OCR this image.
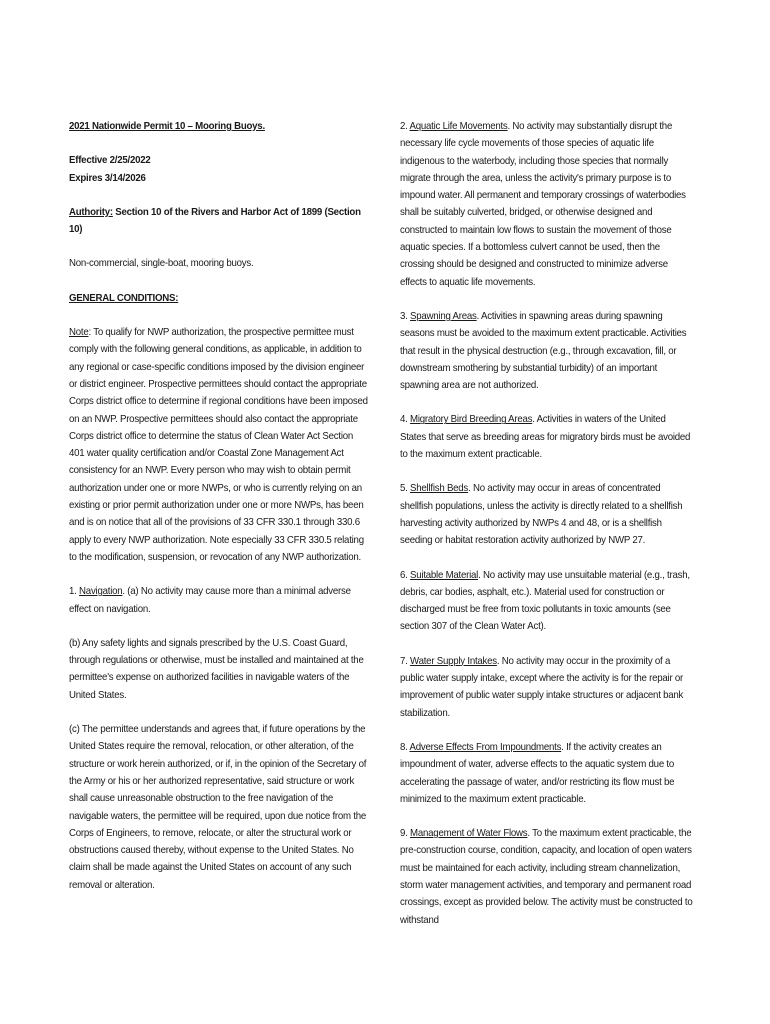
2021 Nationwide Permit 10 – Mooring Buoys.

Effective 2/25/2022
Expires 3/14/2026

Authority: Section 10 of the Rivers and Harbor Act of 1899 (Section 10)

Non-commercial, single-boat, mooring buoys.

GENERAL CONDITIONS:

Note: To qualify for NWP authorization, the prospective permittee must comply with the following general conditions, as applicable, in addition to any regional or case-specific conditions imposed by the division engineer or district engineer. Prospective permittees should contact the appropriate Corps district office to determine if regional conditions have been imposed on an NWP. Prospective permittees should also contact the appropriate Corps district office to determine the status of Clean Water Act Section 401 water quality certification and/or Coastal Zone Management Act consistency for an NWP. Every person who may wish to obtain permit authorization under one or more NWPs, or who is currently relying on an existing or prior permit authorization under one or more NWPs, has been and is on notice that all of the provisions of 33 CFR 330.1 through 330.6 apply to every NWP authorization. Note especially 33 CFR 330.5 relating to the modification, suspension, or revocation of any NWP authorization.

1. Navigation. (a) No activity may cause more than a minimal adverse effect on navigation.

(b) Any safety lights and signals prescribed by the U.S. Coast Guard, through regulations or otherwise, must be installed and maintained at the permittee's expense on authorized facilities in navigable waters of the United States.

(c) The permittee understands and agrees that, if future operations by the United States require the removal, relocation, or other alteration, of the structure or work herein authorized, or if, in the opinion of the Secretary of the Army or his or her authorized representative, said structure or work shall cause unreasonable obstruction to the free navigation of the navigable waters, the permittee will be required, upon due notice from the Corps of Engineers, to remove, relocate, or alter the structural work or obstructions caused thereby, without expense to the United States. No claim shall be made against the United States on account of any such removal or alteration.

2. Aquatic Life Movements. No activity may substantially disrupt the necessary life cycle movements of those species of aquatic life indigenous to the waterbody, including those species that normally migrate through the area, unless the activity's primary purpose is to impound water. All permanent and temporary crossings of waterbodies shall be suitably culverted, bridged, or otherwise designed and constructed to maintain low flows to sustain the movement of those aquatic species. If a bottomless culvert cannot be used, then the crossing should be designed and constructed to minimize adverse effects to aquatic life movements.

3. Spawning Areas. Activities in spawning areas during spawning seasons must be avoided to the maximum extent practicable. Activities that result in the physical destruction (e.g., through excavation, fill, or downstream smothering by substantial turbidity) of an important spawning area are not authorized.

4. Migratory Bird Breeding Areas. Activities in waters of the United States that serve as breeding areas for migratory birds must be avoided to the maximum extent practicable.

5. Shellfish Beds. No activity may occur in areas of concentrated shellfish populations, unless the activity is directly related to a shellfish harvesting activity authorized by NWPs 4 and 48, or is a shellfish seeding or habitat restoration activity authorized by NWP 27.

6. Suitable Material. No activity may use unsuitable material (e.g., trash, debris, car bodies, asphalt, etc.). Material used for construction or discharged must be free from toxic pollutants in toxic amounts (see section 307 of the Clean Water Act).

7. Water Supply Intakes. No activity may occur in the proximity of a public water supply intake, except where the activity is for the repair or improvement of public water supply intake structures or adjacent bank stabilization.

8. Adverse Effects From Impoundments. If the activity creates an impoundment of water, adverse effects to the aquatic system due to accelerating the passage of water, and/or restricting its flow must be minimized to the maximum extent practicable.

9. Management of Water Flows. To the maximum extent practicable, the pre-construction course, condition, capacity, and location of open waters must be maintained for each activity, including stream channelization, storm water management activities, and temporary and permanent road crossings, except as provided below. The activity must be constructed to withstand
